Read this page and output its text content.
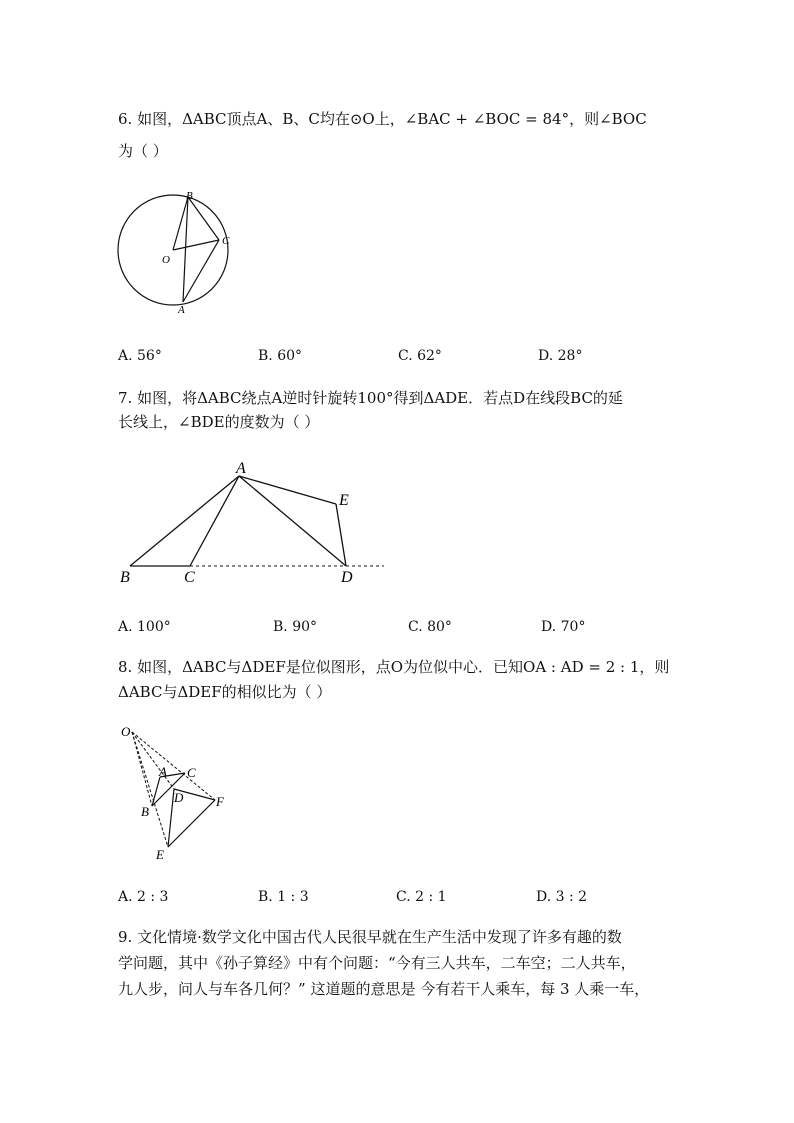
6. 如图，ΔABC顶点A、B、C均在⊙O上，∠BAC + ∠BOC = 84°，则∠BOC
为（ ）
B
C
O
A
A. 56°	B. 60°	C. 62°	D. 28°
7. 如图，将ΔABC绕点A逆时针旋转100°得到ΔADE．若点D在线段BC的延
长线上，∠BDE的度数为（ ）
A
E
B	C	D
A. 100°	B. 90°	C. 80°	D. 70°
8. 如图，ΔABC与ΔDEF是位似图形，点O为位似中心．已知OA : AD = 2 : 1，则
ΔABC与ΔDEF的相似比为（ ）
O
A C
D	F
B
E
A. 2 : 3	B. 1 : 3	C. 2 : 1	D. 3 : 2
9. 文化情境·数学文化中国古代人民很早就在生产生活中发现了许多有趣的数
学问题，其中《孙子算经》中有个问题：“今有三人共车，二车空；二人共车，
九人步，问人与车各几何？” 这道题的意思是 今有若干人乘车，每 3 人乘一车，
